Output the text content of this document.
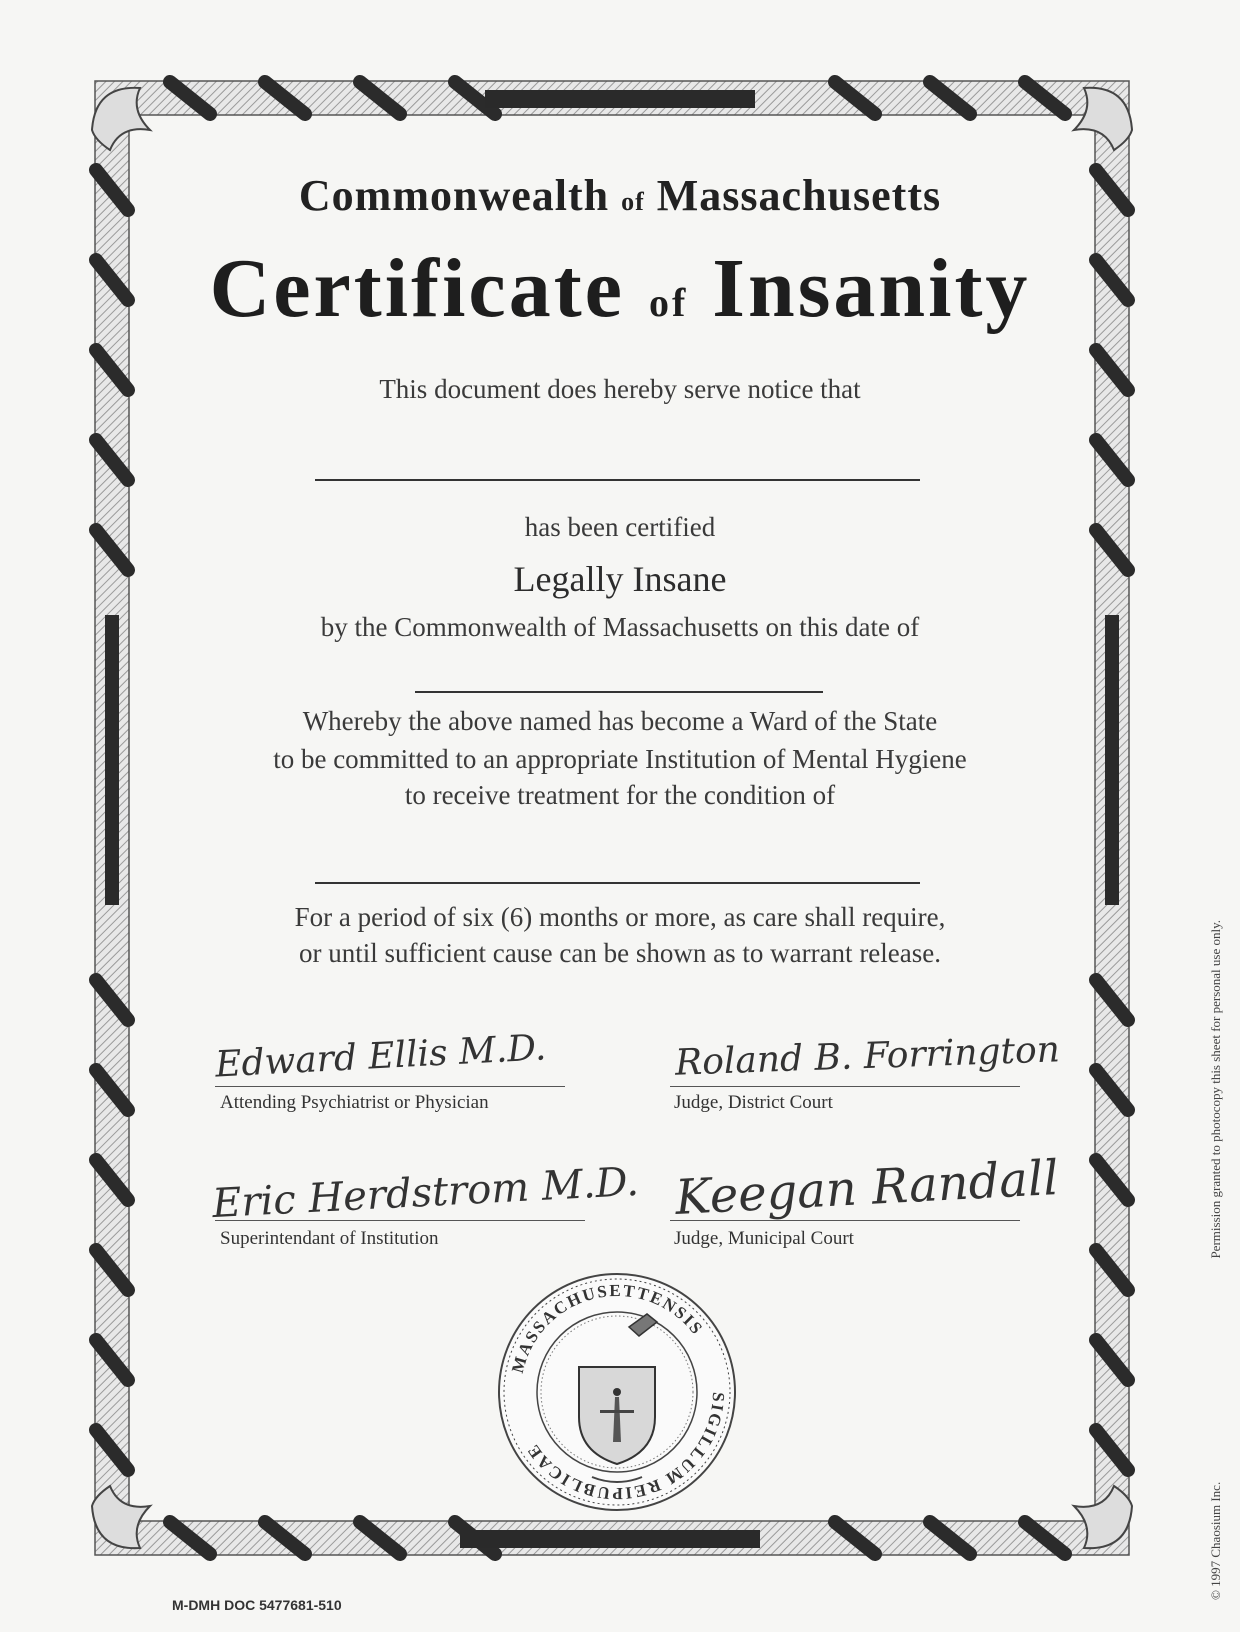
Commonwealth of Massachusetts
Certificate of Insanity
This document does hereby serve notice that
has been certified
Legally Insane
by the Commonwealth of Massachusetts on this date of
Whereby the above named has become a Ward of the State
to be committed to an appropriate Institution of Mental Hygiene
to receive treatment for the condition of
For a period of six (6) months or more, as care shall require,
or until sufficient cause can be shown as to warrant release.
Edward Ellis M.D.
Attending Psychiatrist or Physician
Roland B. Forrington
Judge, District Court
Eric Herdstrom M.D.
Superintendant of Institution
Keegan Randall
Judge, Municipal Court
MASSACHUSETTENSIS
SIGILLUM
REIPUBLICAE
M-DMH DOC 5477681-510
© 1997 Chaosium Inc.
Permission granted to photocopy this sheet for personal use only.
